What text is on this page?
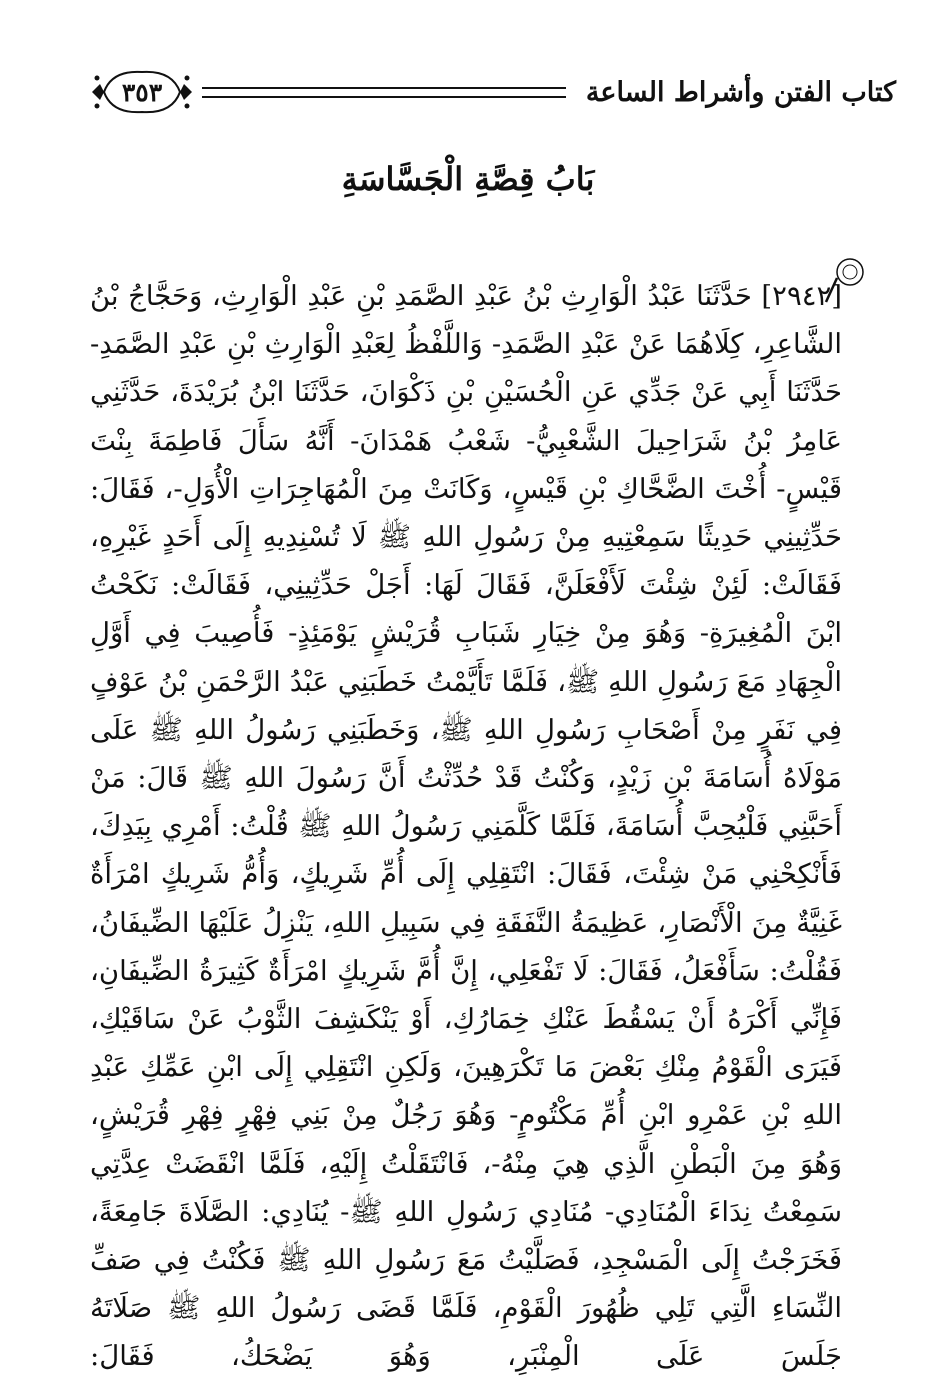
كتاب الفتن وأشراط الساعة
٣٥٣
بَابُ قِصَّةِ الْجَسَّاسَةِ

[٢٩٤٢] حَدَّثَنَا عَبْدُ الْوَارِثِ بْنُ عَبْدِ الصَّمَدِ بْنِ عَبْدِ الْوَارِثِ، وَحَجَّاجُ بْنُ الشَّاعِرِ، كِلَاهُمَا عَنْ عَبْدِ الصَّمَدِ- وَاللَّفْظُ لِعَبْدِ الْوَارِثِ بْنِ عَبْدِ الصَّمَدِ- حَدَّثَنَا أَبِي عَنْ جَدِّي عَنِ الْحُسَيْنِ بْنِ ذَكْوَانَ، حَدَّثَنَا ابْنُ بُرَيْدَةَ، حَدَّثَنِي عَامِرُ بْنُ شَرَاحِيلَ الشَّعْبِيُّ- شَعْبُ هَمْدَانَ- أَنَّهُ سَأَلَ فَاطِمَةَ بِنْتَ قَيْسٍ- أُخْتَ الضَّحَّاكِ بْنِ قَيْسٍ، وَكَانَتْ مِنَ الْمُهَاجِرَاتِ الْأُوَلِ-، فَقَالَ: حَدِّثِينِي حَدِيثًا سَمِعْتِيهِ مِنْ رَسُولِ اللهِ ﷺ لَا تُسْنِدِيهِ إِلَى أَحَدٍ غَيْرِهِ، فَقَالَتْ: لَئِنْ شِئْتَ لَأَفْعَلَنَّ، فَقَالَ لَهَا: أَجَلْ حَدِّثِينِي، فَقَالَتْ: نَكَحْتُ ابْنَ الْمُغِيرَةِ- وَهُوَ مِنْ خِيَارِ شَبَابِ قُرَيْشٍ يَوْمَئِذٍ- فَأُصِيبَ فِي أَوَّلِ الْجِهَادِ مَعَ رَسُولِ اللهِ ﷺ، فَلَمَّا تَأَيَّمْتُ خَطَبَنِي عَبْدُ الرَّحْمَنِ بْنُ عَوْفٍ فِي نَفَرٍ مِنْ أَصْحَابِ رَسُولِ اللهِ ﷺ، وَخَطَبَنِي رَسُولُ اللهِ ﷺ عَلَى مَوْلَاهُ أُسَامَةَ بْنِ زَيْدٍ، وَكُنْتُ قَدْ حُدِّثْتُ أَنَّ رَسُولَ اللهِ ﷺ قَالَ: مَنْ أَحَبَّنِي فَلْيُحِبَّ أُسَامَةَ، فَلَمَّا كَلَّمَنِي رَسُولُ اللهِ ﷺ قُلْتُ: أَمْرِي بِيَدِكَ، فَأَنْكِحْنِي مَنْ شِئْتَ، فَقَالَ: انْتَقِلِي إِلَى أُمِّ شَرِيكٍ، وَأُمُّ شَرِيكٍ امْرَأَةٌ غَنِيَّةٌ مِنَ الْأَنْصَارِ، عَظِيمَةُ النَّفَقَةِ فِي سَبِيلِ اللهِ، يَنْزِلُ عَلَيْهَا الضِّيفَانُ، فَقُلْتُ: سَأَفْعَلُ، فَقَالَ: لَا تَفْعَلِي، إِنَّ أُمَّ شَرِيكٍ امْرَأَةٌ كَثِيرَةُ الضِّيفَانِ، فَإِنِّي أَكْرَهُ أَنْ يَسْقُطَ عَنْكِ خِمَارُكِ، أَوْ يَنْكَشِفَ الثَّوْبُ عَنْ سَاقَيْكِ، فَيَرَى الْقَوْمُ مِنْكِ بَعْضَ مَا تَكْرَهِينَ، وَلَكِنِ انْتَقِلِي إِلَى ابْنِ عَمِّكِ عَبْدِ اللهِ بْنِ عَمْرِو ابْنِ أُمِّ مَكْتُومٍ- وَهُوَ رَجُلٌ مِنْ بَنِي فِهْرٍ فِهْرِ قُرَيْشٍ، وَهُوَ مِنَ الْبَطْنِ الَّذِي هِيَ مِنْهُ-، فَانْتَقَلْتُ إِلَيْهِ، فَلَمَّا انْقَضَتْ عِدَّتِي سَمِعْتُ نِدَاءَ الْمُنَادِي- مُنَادِي رَسُولِ اللهِ ﷺ- يُنَادِي: الصَّلَاةَ جَامِعَةً، فَخَرَجْتُ إِلَى الْمَسْجِدِ، فَصَلَّيْتُ مَعَ رَسُولِ اللهِ ﷺ فَكُنْتُ فِي صَفِّ النِّسَاءِ الَّتِي تَلِي ظُهُورَ الْقَوْمِ، فَلَمَّا قَضَى رَسُولُ اللهِ ﷺ صَلَاتَهُ جَلَسَ عَلَى الْمِنْبَرِ، وَهُوَ يَضْحَكُ، فَقَالَ:
